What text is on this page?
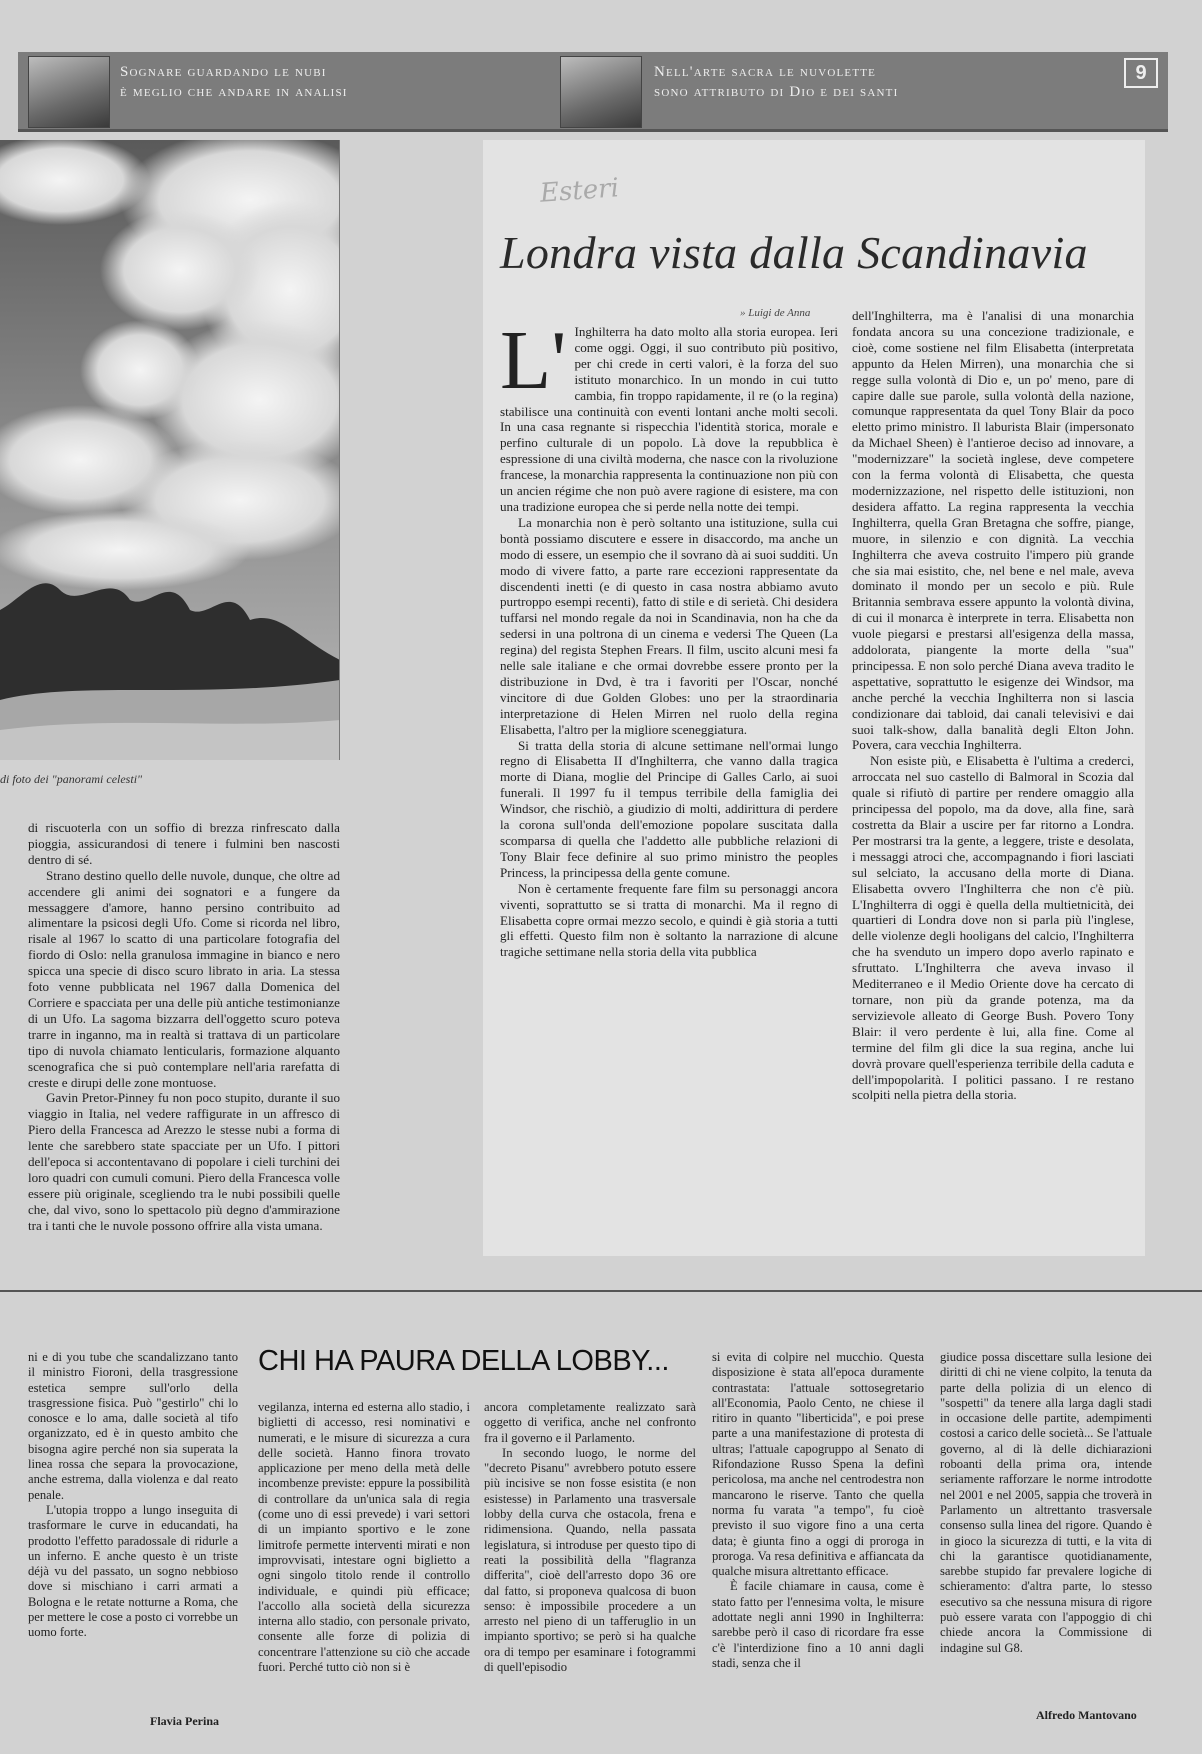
Sognare guardando le nubi
è meglio che andare in analisi
Nell'arte sacra le nuvolette
sono attributo di Dio e dei santi
9
di foto dei "panorami celesti"

di riscuoterla con un soffio di brezza rinfrescato dalla pioggia, assicurandosi di tenere i fulmini ben nascosti dentro di sé.

Strano destino quello delle nuvole, dunque, che oltre ad accendere gli animi dei sognatori e a fungere da messaggere d'amore, hanno persino contribuito ad alimentare la psicosi degli Ufo. Come si ricorda nel libro, risale al 1967 lo scatto di una particolare fotografia del fiordo di Oslo: nella granulosa immagine in bianco e nero spicca una specie di disco scuro librato in aria. La stessa foto venne pubblicata nel 1967 dalla Domenica del Corriere e spacciata per una delle più antiche testimonianze di un Ufo. La sagoma bizzarra dell'oggetto scuro poteva trarre in inganno, ma in realtà si trattava di un particolare tipo di nuvola chiamato lenticularis, formazione alquanto scenografica che si può contemplare nell'aria rarefatta di creste e dirupi delle zone montuose.

Gavin Pretor-Pinney fu non poco stupito, durante il suo viaggio in Italia, nel vedere raffigurate in un affresco di Piero della Francesca ad Arezzo le stesse nubi a forma di lente che sarebbero state spacciate per un Ufo. I pittori dell'epoca si accontentavano di popolare i cieli turchini dei loro quadri con cumuli comuni. Piero della Francesca volle essere più originale, scegliendo tra le nubi possibili quelle che, dal vivo, sono lo spettacolo più degno d'ammirazione tra i tanti che le nuvole possono offrire alla vista umana.

Esteri
Londra vista dalla Scandinavia
» Luigi de Anna
L' Inghilterra ha dato molto alla storia europea. Ieri come oggi. Oggi, il suo contributo più positivo, per chi crede in certi valori, è la forza del suo istituto monarchico. In un mondo in cui tutto cambia, fin troppo rapidamente, il re (o la regina) stabilisce una continuità con eventi lontani anche molti secoli. In una casa regnante si rispecchia l'identità storica, morale e perfino culturale di un popolo. Là dove la repubblica è espressione di una civiltà moderna, che nasce con la rivoluzione francese, la monarchia rappresenta la continuazione non più con un ancien régime che non può avere ragione di esistere, ma con una tradizione europea che si perde nella notte dei tempi.

La monarchia non è però soltanto una istituzione, sulla cui bontà possiamo discutere e essere in disaccordo, ma anche un modo di essere, un esempio che il sovrano dà ai suoi sudditi. Un modo di vivere fatto, a parte rare eccezioni rappresentate da discendenti inetti (e di questo in casa nostra abbiamo avuto purtroppo esempi recenti), fatto di stile e di serietà. Chi desidera tuffarsi nel mondo regale da noi in Scandinavia, non ha che da sedersi in una poltrona di un cinema e vedersi The Queen (La regina) del regista Stephen Frears. Il film, uscito alcuni mesi fa nelle sale italiane e che ormai dovrebbe essere pronto per la distribuzione in Dvd, è tra i favoriti per l'Oscar, nonché vincitore di due Golden Globes: uno per la straordinaria interpretazione di Helen Mirren nel ruolo della regina Elisabetta, l'altro per la migliore sceneggiatura.

Si tratta della storia di alcune settimane nell'ormai lungo regno di Elisabetta II d'Inghilterra, che vanno dalla tragica morte di Diana, moglie del Principe di Galles Carlo, ai suoi funerali. Il 1997 fu il tempus terribile della famiglia dei Windsor, che rischiò, a giudizio di molti, addirittura di perdere la corona sull'onda dell'emozione popolare suscitata dalla scomparsa di quella che l'addetto alle pubbliche relazioni di Tony Blair fece definire al suo primo ministro the peoples Princess, la principessa della gente comune.

Non è certamente frequente fare film su personaggi ancora viventi, soprattutto se si tratta di monarchi. Ma il regno di Elisabetta copre ormai mezzo secolo, e quindi è già storia a tutti gli effetti. Questo film non è soltanto la narrazione di alcune tragiche settimane nella storia della vita pubblica

dell'Inghilterra, ma è l'analisi di una monarchia fondata ancora su una concezione tradizionale, e cioè, come sostiene nel film Elisabetta (interpretata appunto da Helen Mirren), una monarchia che si regge sulla volontà di Dio e, un po' meno, pare di capire dalle sue parole, sulla volontà della nazione, comunque rappresentata da quel Tony Blair da poco eletto primo ministro. Il laburista Blair (impersonato da Michael Sheen) è l'antieroe deciso ad innovare, a "modernizzare" la società inglese, deve competere con la ferma volontà di Elisabetta, che questa modernizzazione, nel rispetto delle istituzioni, non desidera affatto. La regina rappresenta la vecchia Inghilterra, quella Gran Bretagna che soffre, piange, muore, in silenzio e con dignità. La vecchia Inghilterra che aveva costruito l'impero più grande che sia mai esistito, che, nel bene e nel male, aveva dominato il mondo per un secolo e più. Rule Britannia sembrava essere appunto la volontà divina, di cui il monarca è interprete in terra. Elisabetta non vuole piegarsi e prestarsi all'esigenza della massa, addolorata, piangente la morte della "sua" principessa. E non solo perché Diana aveva tradito le aspettative, soprattutto le esigenze dei Windsor, ma anche perché la vecchia Inghilterra non si lascia condizionare dai tabloid, dai canali televisivi e dai suoi talk-show, dalla banalità degli Elton John. Povera, cara vecchia Inghilterra.

Non esiste più, e Elisabetta è l'ultima a crederci, arroccata nel suo castello di Balmoral in Scozia dal quale si rifiutò di partire per rendere omaggio alla principessa del popolo, ma da dove, alla fine, sarà costretta da Blair a uscire per far ritorno a Londra. Per mostrarsi tra la gente, a leggere, triste e desolata, i messaggi atroci che, accompagnando i fiori lasciati sul selciato, la accusano della morte di Diana. Elisabetta ovvero l'Inghilterra che non c'è più. L'Inghilterra di oggi è quella della multietnicità, dei quartieri di Londra dove non si parla più l'inglese, delle violenze degli hooligans del calcio, l'Inghilterra che ha svenduto un impero dopo averlo rapinato e sfruttato. L'Inghilterra che aveva invaso il Mediterraneo e il Medio Oriente dove ha cercato di tornare, non più da grande potenza, ma da servizievole alleato di George Bush. Povero Tony Blair: il vero perdente è lui, alla fine. Come al termine del film gli dice la sua regina, anche lui dovrà provare quell'esperienza terribile della caduta e dell'impopolarità. I politici passano. I re restano scolpiti nella pietra della storia.

ni e di you tube che scandalizzano tanto il ministro Fioroni, della trasgressione estetica sempre sull'orlo della trasgressione fisica. Può "gestirlo" chi lo conosce e lo ama, dalle società al tifo organizzato, ed è in questo ambito che bisogna agire perché non sia superata la linea rossa che separa la provocazione, anche estrema, dalla violenza e dal reato penale.

L'utopia troppo a lungo inseguita di trasformare le curve in educandati, ha prodotto l'effetto paradossale di ridurle a un inferno. E anche questo è un triste déjà vu del passato, un sogno nebbioso dove si mischiano i carri armati a Bologna e le retate notturne a Roma, che per mettere le cose a posto ci vorrebbe un uomo forte.

Flavia Perina
CHI HA PAURA DELLA LOBBY...

vegilanza, interna ed esterna allo stadio, i biglietti di accesso, resi nominativi e numerati, e le misure di sicurezza a cura delle società. Hanno finora trovato applicazione per meno della metà delle incombenze previste: eppure la possibilità di controllare da un'unica sala di regia (come uno di essi prevede) i vari settori di un impianto sportivo e le zone limitrofe permette interventi mirati e non improvvisati, intestare ogni biglietto a ogni singolo titolo rende il controllo individuale, e quindi più efficace; l'accollo alla società della sicurezza interna allo stadio, con personale privato, consente alle forze di polizia di concentrare l'attenzione su ciò che accade fuori. Perché tutto ciò non si è

ancora completamente realizzato sarà oggetto di verifica, anche nel confronto fra il governo e il Parlamento.

In secondo luogo, le norme del "decreto Pisanu" avrebbero potuto essere più incisive se non fosse esistita (e non esistesse) in Parlamento una trasversale lobby della curva che ostacola, frena e ridimensiona. Quando, nella passata legislatura, si introduse per questo tipo di reati la possibilità della "flagranza differita", cioè dell'arresto dopo 36 ore dal fatto, si proponeva qualcosa di buon senso: è impossibile procedere a un arresto nel pieno di un tafferuglio in un impianto sportivo; se però si ha qualche ora di tempo per esaminare i fotogrammi di quell'episodio

si evita di colpire nel mucchio. Questa disposizione è stata all'epoca duramente contrastata: l'attuale sottosegretario all'Economia, Paolo Cento, ne chiese il ritiro in quanto "liberticida", e poi prese parte a una manifestazione di protesta di ultras; l'attuale capogruppo al Senato di Rifondazione Russo Spena la definì pericolosa, ma anche nel centrodestra non mancarono le riserve. Tanto che quella norma fu varata "a tempo", fu cioè previsto il suo vigore fino a una certa data; è giunta fino a oggi di proroga in proroga. Va resa definitiva e affiancata da qualche misura altrettanto efficace.

È facile chiamare in causa, come è stato fatto per l'ennesima volta, le misure adottate negli anni 1990 in Inghilterra: sarebbe però il caso di ricordare fra esse c'è l'interdizione fino a 10 anni dagli stadi, senza che il

giudice possa discettare sulla lesione dei diritti di chi ne viene colpito, la tenuta da parte della polizia di un elenco di "sospetti" da tenere alla larga dagli stadi in occasione delle partite, adempimenti costosi a carico delle società... Se l'attuale governo, al di là delle dichiarazioni roboanti della prima ora, intende seriamente rafforzare le norme introdotte nel 2001 e nel 2005, sappia che troverà in Parlamento un altrettanto trasversale consenso sulla linea del rigore. Quando è in gioco la sicurezza di tutti, e la vita di chi la garantisce quotidianamente, sarebbe stupido far prevalere logiche di schieramento: d'altra parte, lo stesso esecutivo sa che nessuna misura di rigore può essere varata con l'appoggio di chi chiede ancora la Commissione di indagine sul G8.

Alfredo Mantovano
